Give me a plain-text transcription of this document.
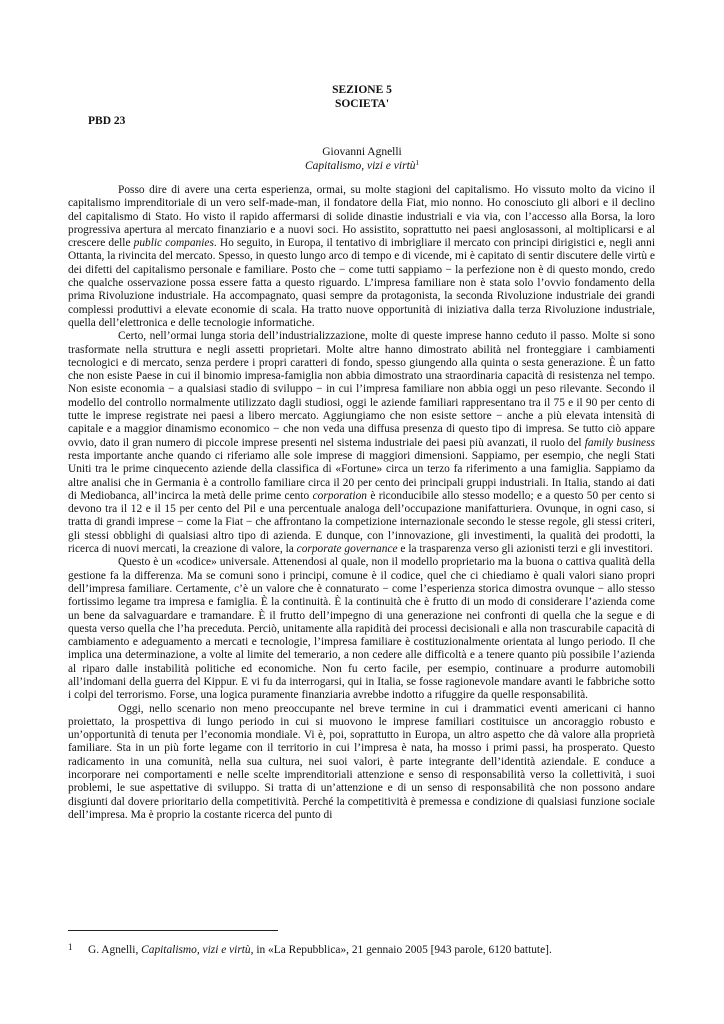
SEZIONE 5
SOCIETA'
PBD 23
Giovanni Agnelli
Capitalismo, vizi e virtù$^1$

Posso dire di avere una certa esperienza, ormai, su molte stagioni del capitalismo. Ho vissuto molto da vicino il capitalismo imprenditoriale di un vero self-made-man, il fondatore della Fiat, mio nonno. Ho conosciuto gli albori e il declino del capitalismo di Stato. Ho visto il rapido affermarsi di solide dinastie industriali e via via, con l’accesso alla Borsa, la loro progressiva apertura al mercato finanziario e a nuovi soci. Ho assistito, soprattutto nei paesi anglosassoni, al moltiplicarsi e al crescere delle public companies. Ho seguito, in Europa, il tentativo di imbrigliare il mercato con principi dirigistici e, negli anni Ottanta, la rivincita del mercato. Spesso, in questo lungo arco di tempo e di vicende, mi è capitato di sentir discutere delle virtù e dei difetti del capitalismo personale e familiare. Posto che − come tutti sappiamo − la perfezione non è di questo mondo, credo che qualche osservazione possa essere fatta a questo riguardo. L’impresa familiare non è stata solo l’ovvio fondamento della prima Rivoluzione industriale. Ha accompagnato, quasi sempre da protagonista, la seconda Rivoluzione industriale dei grandi complessi produttivi a elevate economie di scala. Ha tratto nuove opportunità di iniziativa dalla terza Rivoluzione industriale, quella dell’elettronica e delle tecnologie informatiche.

Certo, nell’ormai lunga storia dell’industrializzazione, molte di queste imprese hanno ceduto il passo. Molte si sono trasformate nella struttura e negli assetti proprietari. Molte altre hanno dimostrato abilità nel fronteggiare i cambiamenti tecnologici e di mercato, senza perdere i propri caratteri di fondo, spesso giungendo alla quinta o sesta generazione. È un fatto che non esiste Paese in cui il binomio impresa-famiglia non abbia dimostrato una straordinaria capacità di resistenza nel tempo. Non esiste economia − a qualsiasi stadio di sviluppo − in cui l’impresa familiare non abbia oggi un peso rilevante. Secondo il modello del controllo normalmente utilizzato dagli studiosi, oggi le aziende familiari rappresentano tra il 75 e il 90 per cento di tutte le imprese registrate nei paesi a libero mercato. Aggiungiamo che non esiste settore − anche a più elevata intensità di capitale e a maggior dinamismo economico − che non veda una diffusa presenza di questo tipo di impresa. Se tutto ciò appare ovvio, dato il gran numero di piccole imprese presenti nel sistema industriale dei paesi più avanzati, il ruolo del family business resta importante anche quando ci riferiamo alle sole imprese di maggiori dimensioni. Sappiamo, per esempio, che negli Stati Uniti tra le prime cinquecento aziende della classifica di «Fortune» circa un terzo fa riferimento a una famiglia. Sappiamo da altre analisi che in Germania è a controllo familiare circa il 20 per cento dei principali gruppi industriali. In Italia, stando ai dati di Mediobanca, all’incirca la metà delle prime cento corporation è riconducibile allo stesso modello; e a questo 50 per cento si devono tra il 12 e il 15 per cento del Pil e una percentuale analoga dell’occupazione manifatturiera. Ovunque, in ogni caso, si tratta di grandi imprese − come la Fiat − che affrontano la competizione internazionale secondo le stesse regole, gli stessi criteri, gli stessi obblighi di qualsiasi altro tipo di azienda. E dunque, con l’innovazione, gli investimenti, la qualità dei prodotti, la ricerca di nuovi mercati, la creazione di valore, la corporate governance e la trasparenza verso gli azionisti terzi e gli investitori.

Questo è un «codice» universale. Attenendosi al quale, non il modello proprietario ma la buona o cattiva qualità della gestione fa la differenza. Ma se comuni sono i principi, comune è il codice, quel che ci chiediamo è quali valori siano propri dell’impresa familiare. Certamente, c’è un valore che è connaturato − come l’esperienza storica dimostra ovunque − allo stesso fortissimo legame tra impresa e famiglia. È la continuità. È la continuità che è frutto di un modo di considerare l’azienda come un bene da salvaguardare e tramandare. È il frutto dell’impegno di una generazione nei confronti di quella che la segue e di questa verso quella che l’ha preceduta. Perciò, unitamente alla rapidità dei processi decisionali e alla non trascurabile capacità di cambiamento e adeguamento a mercati e tecnologie, l’impresa familiare è costituzionalmente orientata al lungo periodo. Il che implica una determinazione, a volte al limite del temerario, a non cedere alle difficoltà e a tenere quanto più possibile l’azienda al riparo dalle instabilità politiche ed economiche. Non fu certo facile, per esempio, continuare a produrre automobili all’indomani della guerra del Kippur. E vi fu da interrogarsi, qui in Italia, se fosse ragionevole mandare avanti le fabbriche sotto i colpi del terrorismo. Forse, una logica puramente finanziaria avrebbe indotto a rifuggire da quelle responsabilità.

Oggi, nello scenario non meno preoccupante nel breve termine in cui i drammatici eventi americani ci hanno proiettato, la prospettiva di lungo periodo in cui si muovono le imprese familiari costituisce un ancoraggio robusto e un’opportunità di tenuta per l’economia mondiale. Vi è, poi, soprattutto in Europa, un altro aspetto che dà valore alla proprietà familiare. Sta in un più forte legame con il territorio in cui l’impresa è nata, ha mosso i primi passi, ha prosperato. Questo radicamento in una comunità, nella sua cultura, nei suoi valori, è parte integrante dell’identità aziendale. E conduce a incorporare nei comportamenti e nelle scelte imprenditoriali attenzione e senso di responsabilità verso la collettività, i suoi problemi, le sue aspettative di sviluppo. Si tratta di un’attenzione e di un senso di responsabilità che non possono andare disgiunti dal dovere prioritario della competitività. Perché la competitività è premessa e condizione di qualsiasi funzione sociale dell’impresa. Ma è proprio la costante ricerca del punto di

1 G. Agnelli, Capitalismo, vizi e virtù, in «La Repubblica», 21 gennaio 2005 [943 parole, 6120 battute].
